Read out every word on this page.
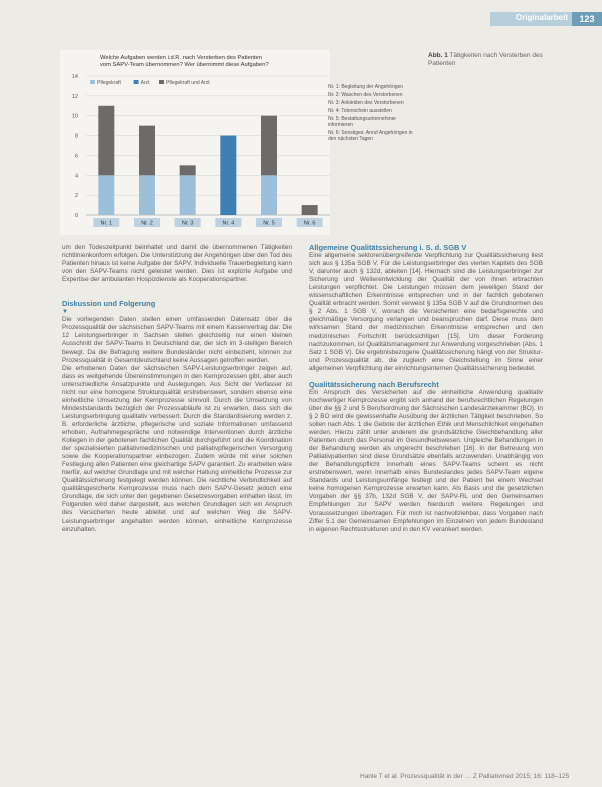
Originalarbeit	123
Welche Aufgaben werden i.d.R. nach Versterben des Patienten vom SAPV-Team übernommen? Wer übernimmt diese Aufgaben?
Pflegekraft	Arzt	Pflegekraft und Arzt
0
2
4
6
8
10
12
14
Nr. 1	Nr. 2	Nr. 3	Nr. 4	Nr. 5	Nr. 6
Nr. 1: Begleitung der Angehörigen
Nr. 2: Waschen des Verstorbenen
Nr. 3: Ankleiden des Verstorbenen
Nr. 4: Totenschein ausstellen
Nr. 5: Bestattungsunternehmer informieren
Nr. 6: Sonstiges: Anruf Angehörigen in den nächsten Tagen
Abb. 1 Tätigkeiten nach Versterben des Patienten

um den Todeszeitpunkt beinhaltet und damit die übernommenen Tätigkeiten richtlinienkonform erfolgen. Die Unterstützung der Angehörigen über den Tod des Patienten hinaus ist keine Aufgabe der SAPV. Individuelle Trauerbegleitung kann von den SAPV-Teams nicht geleistet werden. Dies ist explizite Aufgabe und Expertise der ambulanten Hospizdienste als Kooperationspartner.

Diskussion und Folgerung

▼

Die vorliegenden Daten stellen einen umfassenden Datensatz über die Prozessqualität der sächsischen SAPV-Teams mit einem Kassenvertrag dar. Die 12 Leistungserbringer in Sachsen stellen gleichzeitig nur einen kleinen Ausschnitt der SAPV-Teams in Deutschland dar, der sich im 3-stelligen Bereich bewegt. Da die Befragung weitere Bundesländer nicht einbezieht, können zur Prozessqualität in Gesamtdeutschland keine Aussagen getroffen werden.

Die erhobenen Daten der sächsischen SAPV-Leistungserbringer zeigen auf, dass es weitgehende Übereinstimmungen in den Kernprozessen gibt, aber auch unterschiedliche Ansatzpunkte und Auslegungen. Aus Sicht der Verfasser ist nicht nur eine homogene Strukturqualität erstrebenswert, sondern ebenso eine einheitliche Umsetzung der Kernprozesse sinnvoll. Durch die Umsetzung von Mindeststandards bezüglich der Prozessabläufe ist zu erwarten, dass sich die Leistungserbringung qualitativ verbessert. Durch die Standardisierung werden z. B. erforderliche ärztliche, pflegerische und soziale Informationen umfassend erhoben, Aufnahmegespräche und notwendige Interventionen durch ärztliche Kollegen in der gebotenen fachlichen Qualität durchgeführt und die Koordination der spezialisierten palliativmedizinischen und palliativpflegerischen Versorgung sowie die Kooperationspartner einbezogen. Zudem würde mit einer solchen Festlegung allen Patienten eine gleichartige SAPV garantiert. Zu erarbeiten wäre hierfür, auf welcher Grundlage und mit welcher Haltung einheitliche Prozesse zur Qualitätssicherung festgelegt werden können. Die rechtliche Verbindlichkeit auf qualitätsgesicherte Kernprozesse muss nach dem SAPV-Gesetz jedoch eine Grundlage, die sich unter den gegebenen Gesetzesvorgaben einhalten lässt. Im Folgenden wird daher dargestellt, aus welchen Grundlagen sich ein Anspruch des Versicherten heute ableitet und auf welchen Weg die SAPV-Leistungserbringer angehalten werden können, einheitliche Kernprozesse einzuhalten.

Allgemeine Qualitätssicherung i. S. d. SGB V

Eine allgemeine sektorenübergreifende Verpflichtung zur Qualitätssicherung liest sich aus § 135a SGB V. Für die Leistungserbringer des vierten Kapitels des SGB V, darunter auch § 132d, ableiten [14]. Hiernach sind die Leistungserbringer zur Sicherung und Weiterentwicklung der Qualität der von ihnen erbrachten Leistungen verpflichtet. Die Leistungen müssen dem jeweiligen Stand der wissenschaftlichen Erkenntnisse entsprechen und in der fachlich gebotenen Qualität erbracht werden. Somit verweist § 135a SGB V auf die Grundnormen des § 2 Abs. 1 SGB V, wonach die Versicherten eine bedarfsgerechte und gleichmäßige Versorgung verlangen und beanspruchen darf. Diese muss dem wirksamen Stand der medizinischen Erkenntnisse entsprechen und den medizinischen Fortschritt berücksichtigen [15]. Um dieser Forderung nachzukommen, ist Qualitätsmanagement zur Anwendung vorgeschrieben (Abs. 1 Satz 1 SGB V). Die ergebnisbezogene Qualitätssicherung hängt von der Struktur- und Prozessqualität ab, die zugleich eine Gleichstellung im Sinne einer allgemeinen Verpflichtung der einrichtungsinternen Qualitätssicherung bedeutet.

Qualitätssicherung nach Berufsrecht

Ein Anspruch des Versicherten auf die einheitliche Anwendung qualitativ hochwertiger Kernprozesse ergibt sich anhand der berufsrechtlichen Regelungen über die §§ 2 und 5 Berufsordnung der Sächsischen Landesärztekammer (BO). In § 2 BO wird die gewissenhafte Ausübung der ärztlichen Tätigkeit beschrieben. So sollen nach Abs. 1 die Gebote der ärztlichen Ethik und Menschlichkeit eingehalten werden. Hierzu zählt unter anderem die grundsätzliche Gleichbehandlung aller Patienten durch das Personal im Gesundheitswesen. Ungleiche Behandlungen in der Behandlung werden als ungerecht beschrieben [16]. In der Betreuung von Palliativpatienten sind diese Grundsätze ebenfalls anzuwenden. Unabhängig von der Behandlungspflicht innerhalb eines SAPV-Teams scheint es nicht erstrebenswert, wenn innerhalb eines Bundeslandes jedes SAPV-Team eigene Standards und Leistungsumfänge festlegt und der Patient bei einem Wechsel keine homogenen Kernprozesse erwarten kann. Als Basis und die gesetzlichen Vorgaben der §§ 37b, 132d SGB V, der SAPV-RL und den Gemeinsamen Empfehlungen zur SAPV werden hierdurch weitere Regelungen und Voraussetzungen übertragen. Für mich ist nachvollziehbar, dass Vorgaben nach Ziffer 5.1 der Gemeinsamen Empfehlungen im Einzelnen von jedem Bundesland in eigenen Rechtsstrukturen und in den KV verankert werden.

Hanle T et al. Prozessqualität in der … Z Palliativmed 2015; 16: 118–125
